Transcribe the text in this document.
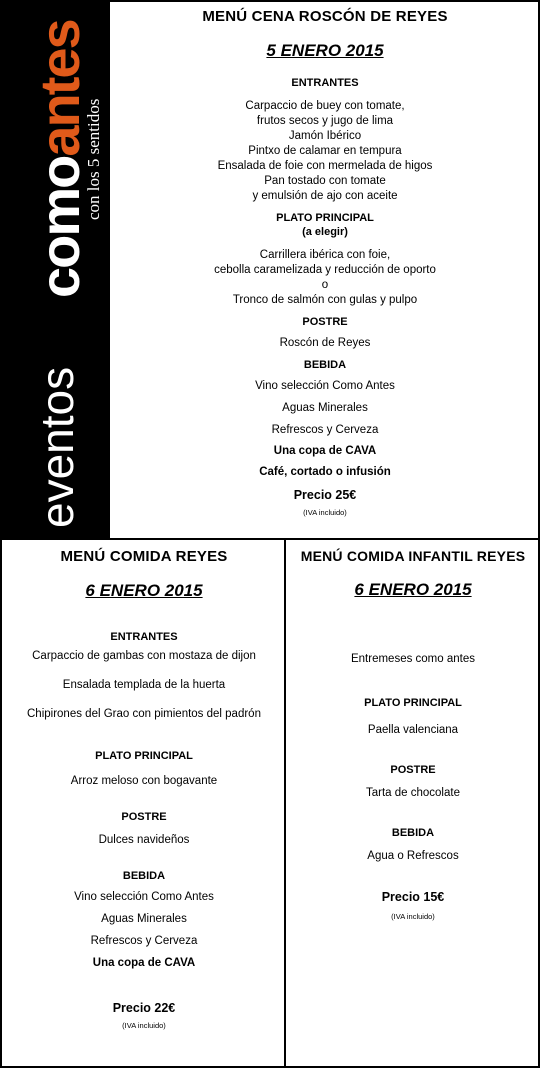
comoantes
con los 5 sentidos
eventos
MENÚ CENA ROSCÓN DE REYES
5 ENERO 2015
ENTRANTES
Carpaccio de buey con tomate,
frutos secos y jugo de lima
Jamón Ibérico
Pintxo de calamar en tempura
Ensalada de foie con mermelada de higos
Pan tostado con tomate
y emulsión de ajo con aceite
PLATO PRINCIPAL
(a elegir)
Carrillera ibérica con foie,
cebolla caramelizada y reducción de oporto
o
Tronco de salmón con gulas y pulpo
POSTRE
Roscón de Reyes
BEBIDA
Vino selección Como Antes
Aguas Minerales
Refrescos y Cerveza
Una copa de CAVA
Café, cortado o infusión
Precio 25€
(IVA incluido)
MENÚ COMIDA REYES
6 ENERO 2015
ENTRANTES
Carpaccio de gambas con mostaza de dijon
Ensalada templada de la huerta
Chipirones del Grao con pimientos del padrón
PLATO PRINCIPAL
Arroz meloso con bogavante
POSTRE
Dulces navideños
BEBIDA
Vino selección Como Antes
Aguas Minerales
Refrescos y Cerveza
Una copa de CAVA
Precio 22€
(IVA incluido)
MENÚ COMIDA INFANTIL REYES
6 ENERO 2015
Entremeses como antes
PLATO PRINCIPAL
Paella valenciana
POSTRE
Tarta de chocolate
BEBIDA
Agua o Refrescos
Precio 15€
(IVA incluido)
